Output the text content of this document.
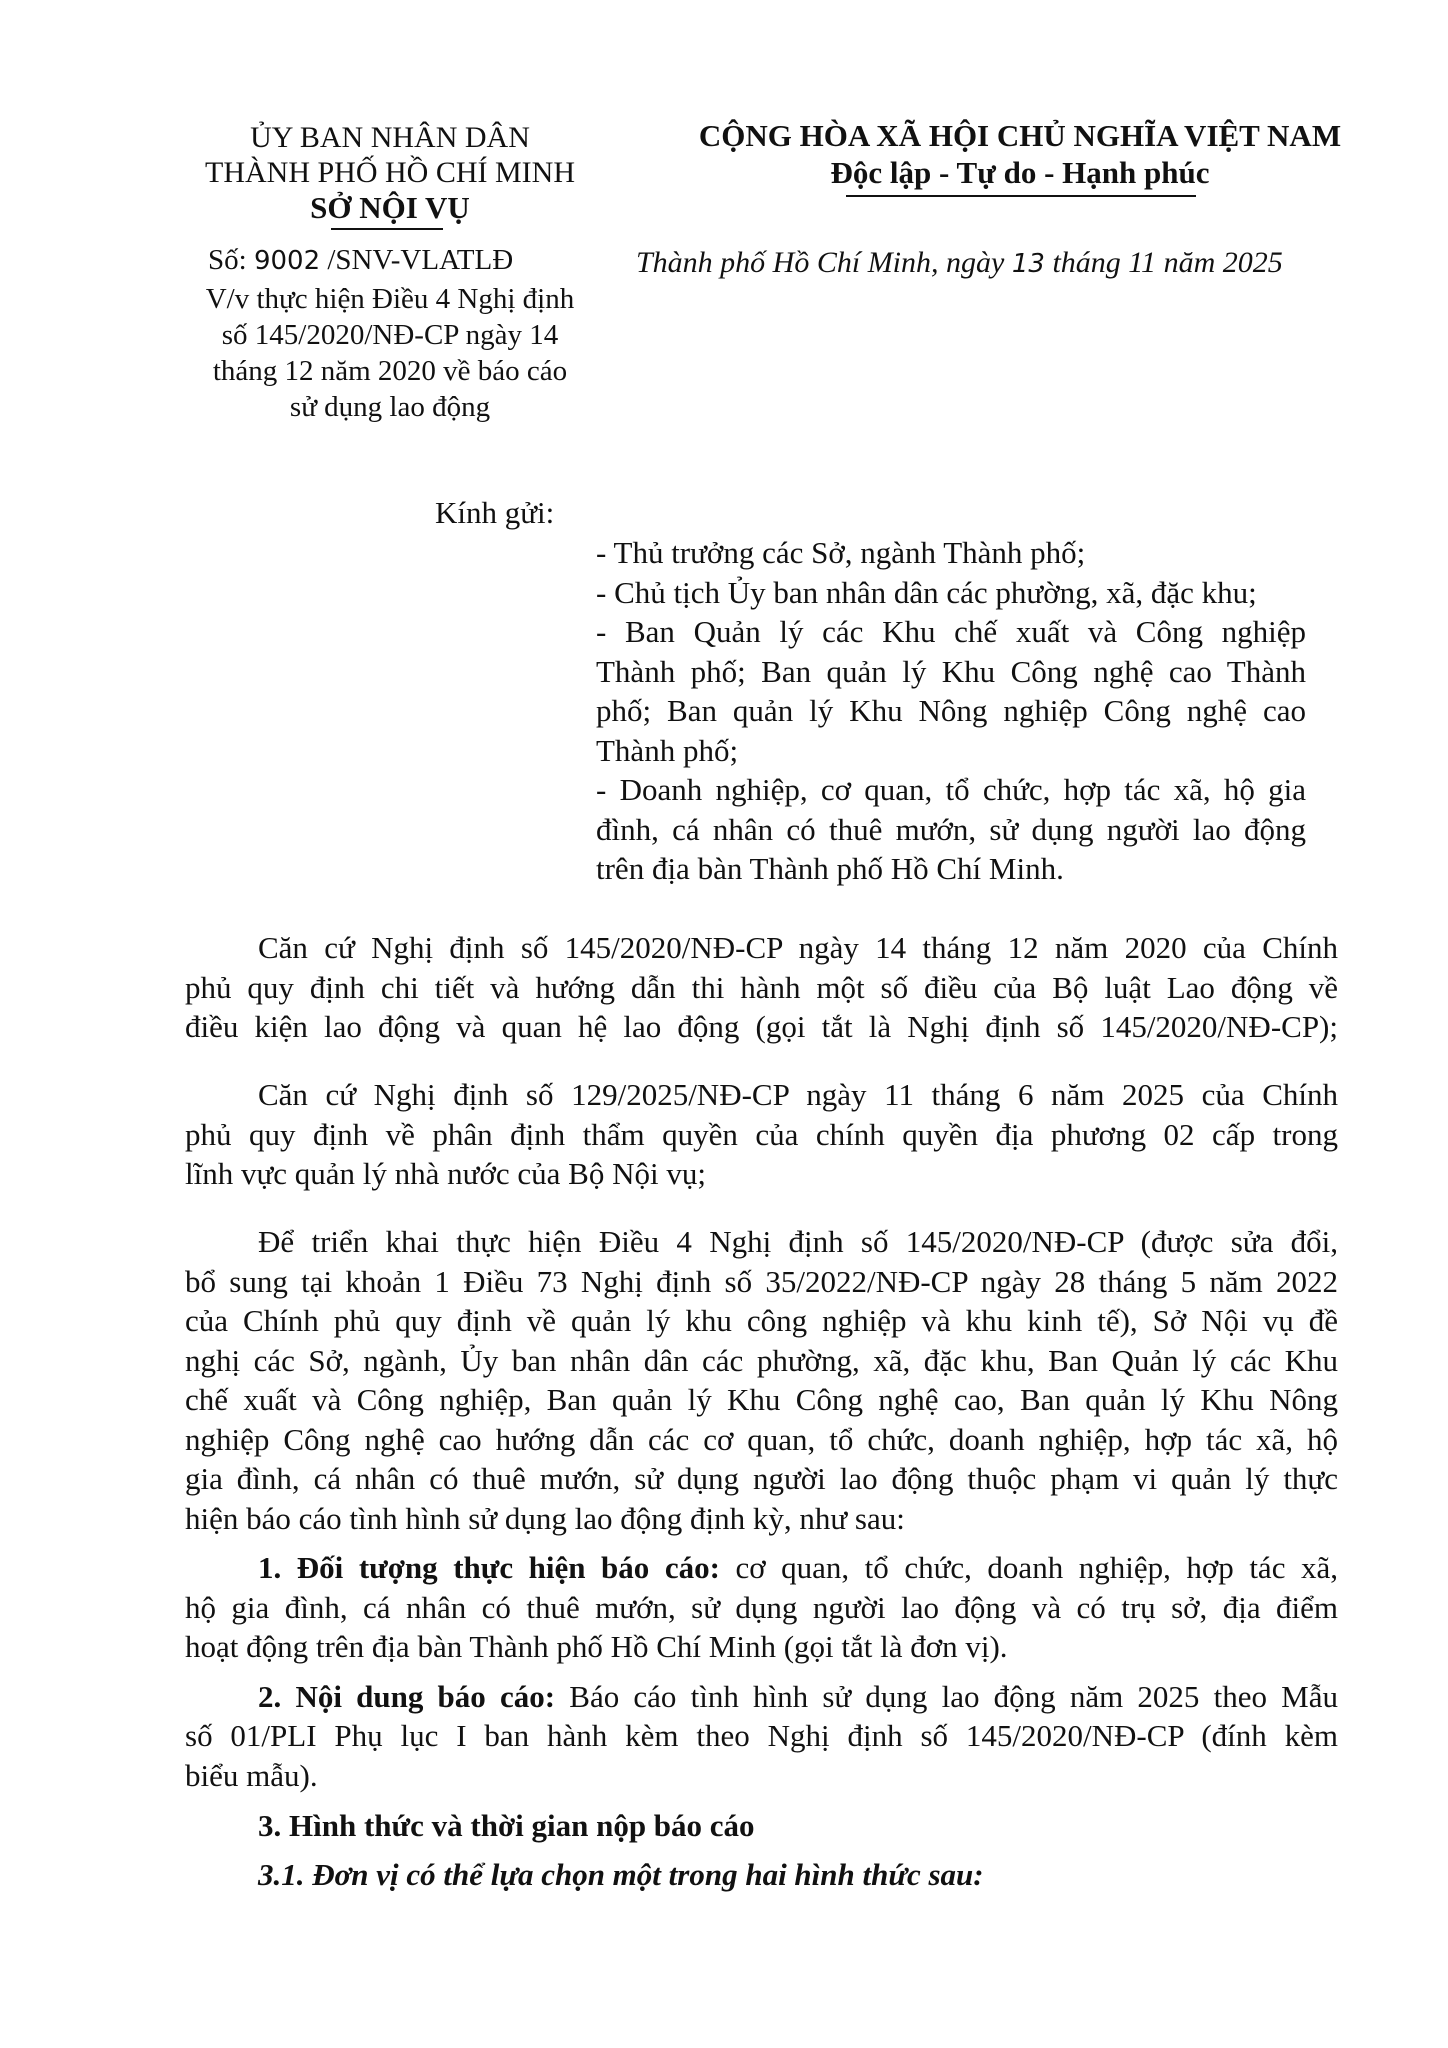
ỦY BAN NHÂN DÂN
THÀNH PHỐ HỒ CHÍ MINH
SỞ NỘI VỤ
Số: 9002 /SNV-VLATLĐ
V/v thực hiện Điều 4 Nghị định
số 145/2020/NĐ-CP ngày 14
tháng 12 năm 2020 về báo cáo
sử dụng lao động
CỘNG HÒA XÃ HỘI CHỦ NGHĨA VIỆT NAM
Độc lập - Tự do - Hạnh phúc
Thành phố Hồ Chí Minh, ngày 13 tháng 11 năm 2025
Kính gửi:
- Thủ trưởng các Sở, ngành Thành phố;
- Chủ tịch Ủy ban nhân dân các phường, xã, đặc khu;
- Ban Quản lý các Khu chế xuất và Công nghiệp
Thành phố; Ban quản lý Khu Công nghệ cao Thành
phố; Ban quản lý Khu Nông nghiệp Công nghệ cao
Thành phố;
- Doanh nghiệp, cơ quan, tổ chức, hợp tác xã, hộ gia
đình, cá nhân có thuê mướn, sử dụng người lao động
trên địa bàn Thành phố Hồ Chí Minh.
Căn cứ Nghị định số 145/2020/NĐ-CP ngày 14 tháng 12 năm 2020 của Chính
phủ quy định chi tiết và hướng dẫn thi hành một số điều của Bộ luật Lao động về
điều kiện lao động và quan hệ lao động (gọi tắt là Nghị định số 145/2020/NĐ-CP);
Căn cứ Nghị định số 129/2025/NĐ-CP ngày 11 tháng 6 năm 2025 của Chính
phủ quy định về phân định thẩm quyền của chính quyền địa phương 02 cấp trong
lĩnh vực quản lý nhà nước của Bộ Nội vụ;
Để triển khai thực hiện Điều 4 Nghị định số 145/2020/NĐ-CP (được sửa đổi,
bổ sung tại khoản 1 Điều 73 Nghị định số 35/2022/NĐ-CP ngày 28 tháng 5 năm 2022
của Chính phủ quy định về quản lý khu công nghiệp và khu kinh tế), Sở Nội vụ đề
nghị các Sở, ngành, Ủy ban nhân dân các phường, xã, đặc khu, Ban Quản lý các Khu
chế xuất và Công nghiệp, Ban quản lý Khu Công nghệ cao, Ban quản lý Khu Nông
nghiệp Công nghệ cao hướng dẫn các cơ quan, tổ chức, doanh nghiệp, hợp tác xã, hộ
gia đình, cá nhân có thuê mướn, sử dụng người lao động thuộc phạm vi quản lý thực
hiện báo cáo tình hình sử dụng lao động định kỳ, như sau:
1. Đối tượng thực hiện báo cáo: cơ quan, tổ chức, doanh nghiệp, hợp tác xã,
hộ gia đình, cá nhân có thuê mướn, sử dụng người lao động và có trụ sở, địa điểm
hoạt động trên địa bàn Thành phố Hồ Chí Minh (gọi tắt là đơn vị).
2. Nội dung báo cáo: Báo cáo tình hình sử dụng lao động năm 2025 theo Mẫu
số 01/PLI Phụ lục I ban hành kèm theo Nghị định số 145/2020/NĐ-CP (đính kèm
biểu mẫu).
3. Hình thức và thời gian nộp báo cáo
3.1. Đơn vị có thể lựa chọn một trong hai hình thức sau:
